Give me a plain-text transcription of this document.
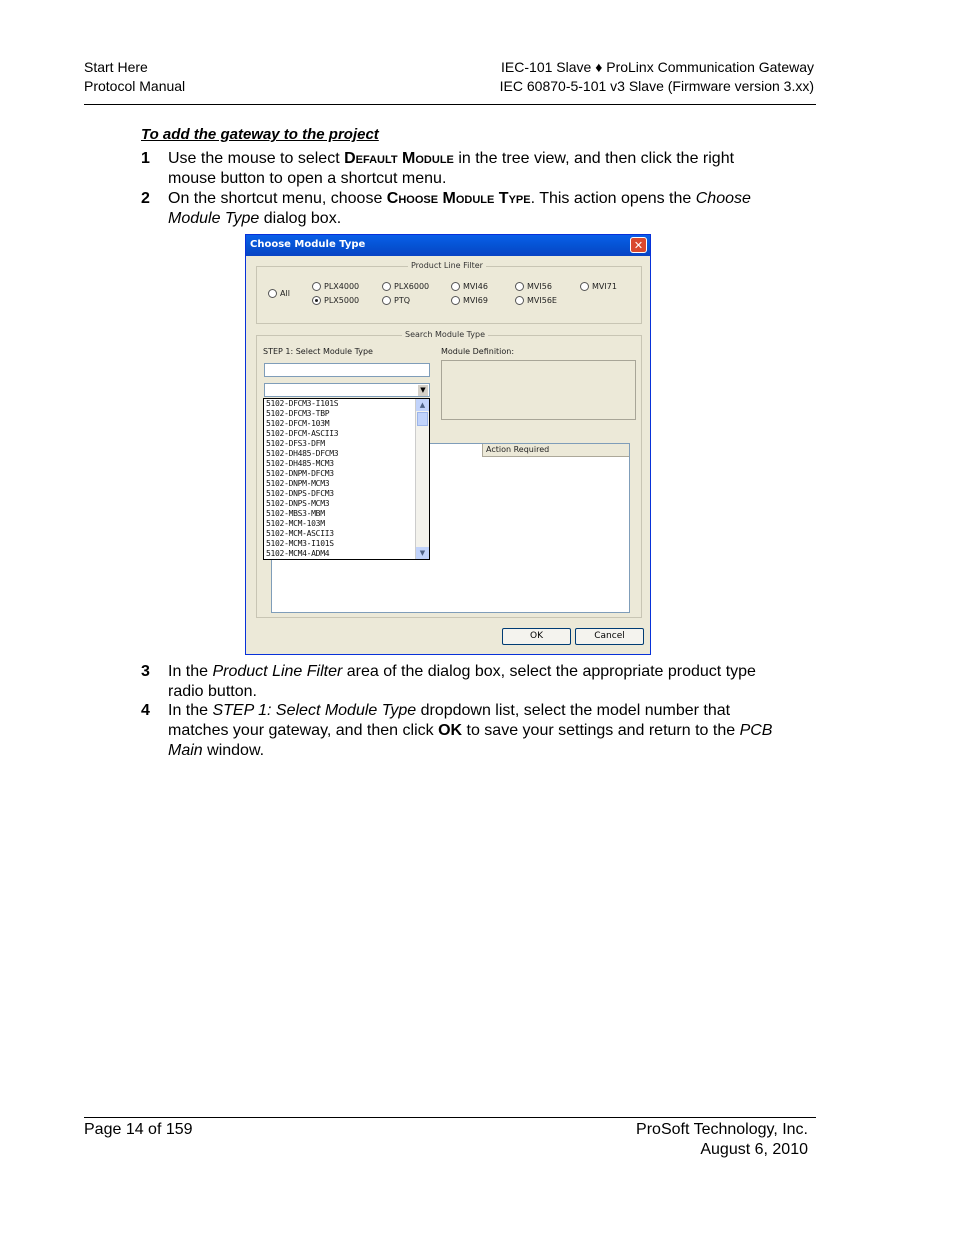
Start Here
Protocol Manual
IEC-101 Slave ♦ ProLinx Communication Gateway
IEC 60870-5-101 v3 Slave (Firmware version 3.xx)
To add the gateway to the project
1 Use the mouse to select Default Module in the tree view, and then click the right mouse button to open a shortcut menu.
2 On the shortcut menu, choose Choose Module Type. This action opens the Choose Module Type dialog box.
Choose Module Type	✕
Product Line Filter
All
PLX4000
PLX5000
PLX6000
PTQ
MVI46
MVI69
MVI56
MVI56E
MVI71
Search Module Type
STEP 1: Select Module Type	Module Definition:
▼
Action Required
5102-DFCM3-I101S
5102-DFCM3-TBP
5102-DFCM-103M
5102-DFCM-ASCII3
5102-DFS3-DFM
5102-DH485-DFCM3
5102-DH485-MCM3
5102-DNPM-DFCM3
5102-DNPM-MCM3
5102-DNPS-DFCM3
5102-DNPS-MCM3
5102-MBS3-MBM
5102-MCM-103M
5102-MCM-ASCII3
5102-MCM3-I101S
5102-MCM4-ADM4
▲
▼
OK	Cancel
3 In the Product Line Filter area of the dialog box, select the appropriate product type radio button.
4 In the STEP 1: Select Module Type dropdown list, select the model number that matches your gateway, and then click OK to save your settings and return to the PCB Main window.
Page 14 of 159	ProSoft Technology, Inc.
August 6, 2010
